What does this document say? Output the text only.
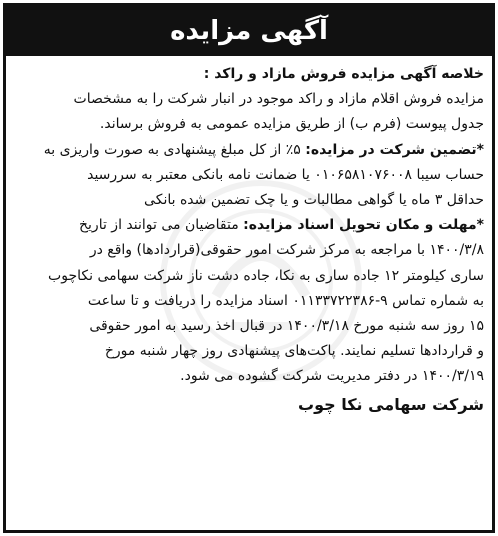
آگهی مزایده
خلاصه آگهی مزایده فروش مازاد و راکد :
مزایده فروش اقلام مازاد و راکد موجود در انبار شرکت را به مشخصات
جدول پیوست (فرم ب) از طریق مزایده عمومی به فروش برساند.
*تضمین شرکت در مزایده: ۵٪ از کل مبلغ پیشنهادی به صورت واریزی به
حساب سیبا ۰۱۰۶۵۸۱۰۷۶۰۰۸ یا ضمانت نامه بانکی معتبر به سررسید
حداقل ۳ ماه یا گواهی مطالبات و یا چک تضمین شده بانکی
*مهلت و مکان تحویل اسناد مزایده: متقاضیان می توانند از تاریخ
۱۴۰۰/۳/۸ با مراجعه به مرکز شرکت امور حقوقی(قراردادها) واقع در
ساری کیلومتر ۱۲ جاده ساری به نکا، جاده دشت ناز شرکت سهامی نکاچوب
به شماره تماس ۹-۰۱۱۳۳۷۲۲۳۸۶ اسناد مزایده را دریافت و تا ساعت
۱۵ روز سه شنبه مورخ ۱۴۰۰/۳/۱۸ در قبال اخذ رسید به امور حقوقی
و قراردادها تسلیم نمایند. پاکت‌های پیشنهادی روز چهار شنبه مورخ
۱۴۰۰/۳/۱۹ در دفتر مدیریت شرکت گشوده می شود.
شرکت سهامی نکا چوب
